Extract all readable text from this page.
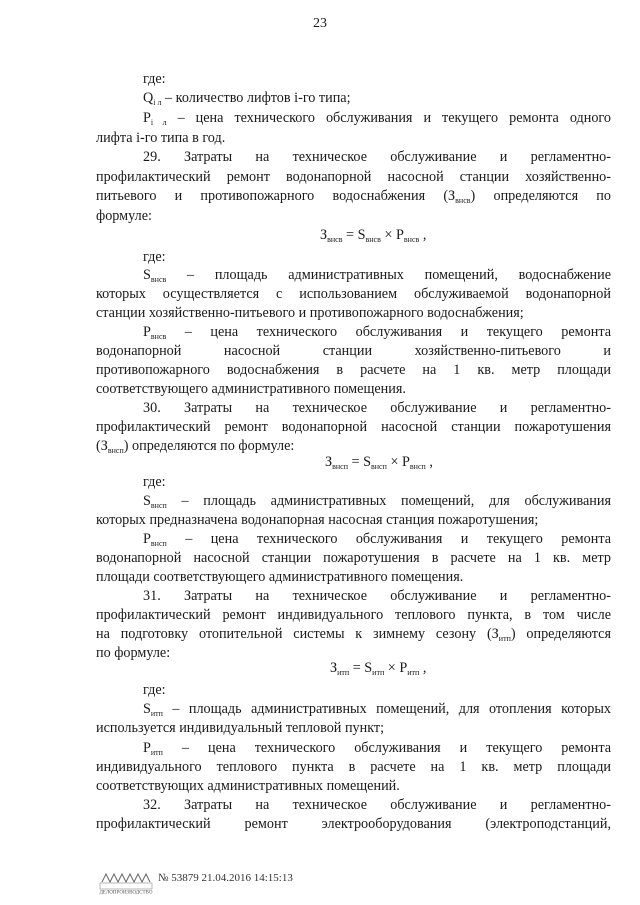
23
где:
$Q_{i л}$ – количество лифтов i-го типа;
$Р_{i л}$ – цена технического обслуживания и текущего ремонта одного
лифта i-го типа в год.
29. Затраты на техническое обслуживание и регламентно-
профилактический ремонт водонапорной насосной станции хозяйственно-
питьевого и противопожарного водоснабжения $(З_{внсв})$ определяются по
формуле:
$З_{внсв} = S_{внсв} \times Р_{внсв}$ ,
где:
$S_{внсв}$ – площадь административных помещений, водоснабжение
которых осуществляется с использованием обслуживаемой водонапорной
станции хозяйственно-питьевого и противопожарного водоснабжения;
$Р_{внсв}$ – цена технического обслуживания и текущего ремонта
водонапорной насосной станции хозяйственно-питьевого и
противопожарного водоснабжения в расчете на 1 кв. метр площади
соответствующего административного помещения.
30. Затраты на техническое обслуживание и регламентно-
профилактический ремонт водонапорной насосной станции пожаротушения
$(З_{внсп})$ определяются по формуле:
$З_{внсп} = S_{внсп} \times Р_{внсп}$ ,
где:
$S_{внсп}$ – площадь административных помещений, для обслуживания
которых предназначена водонапорная насосная станция пожаротушения;
$Р_{внсп}$ – цена технического обслуживания и текущего ремонта
водонапорной насосной станции пожаротушения в расчете на 1 кв. метр
площади соответствующего административного помещения.
31. Затраты на техническое обслуживание и регламентно-
профилактический ремонт индивидуального теплового пункта, в том числе
на подготовку отопительной системы к зимнему сезону $(З_{итп})$ определяются
по формуле:
$З_{итп} = S_{итп} \times Р_{итп}$ ,
где:
$S_{итп}$ – площадь административных помещений, для отопления которых
используется индивидуальный тепловой пункт;
$Р_{итп}$ – цена технического обслуживания и текущего ремонта
индивидуального теплового пункта в расчете на 1 кв. метр площади
соответствующих административных помещений.
32. Затраты на техническое обслуживание и регламентно-
профилактический ремонт электрооборудования (электроподстанций,
ДЕЛОПРОИЗВОДСТВО
№ 53879 21.04.2016 14:15:13
